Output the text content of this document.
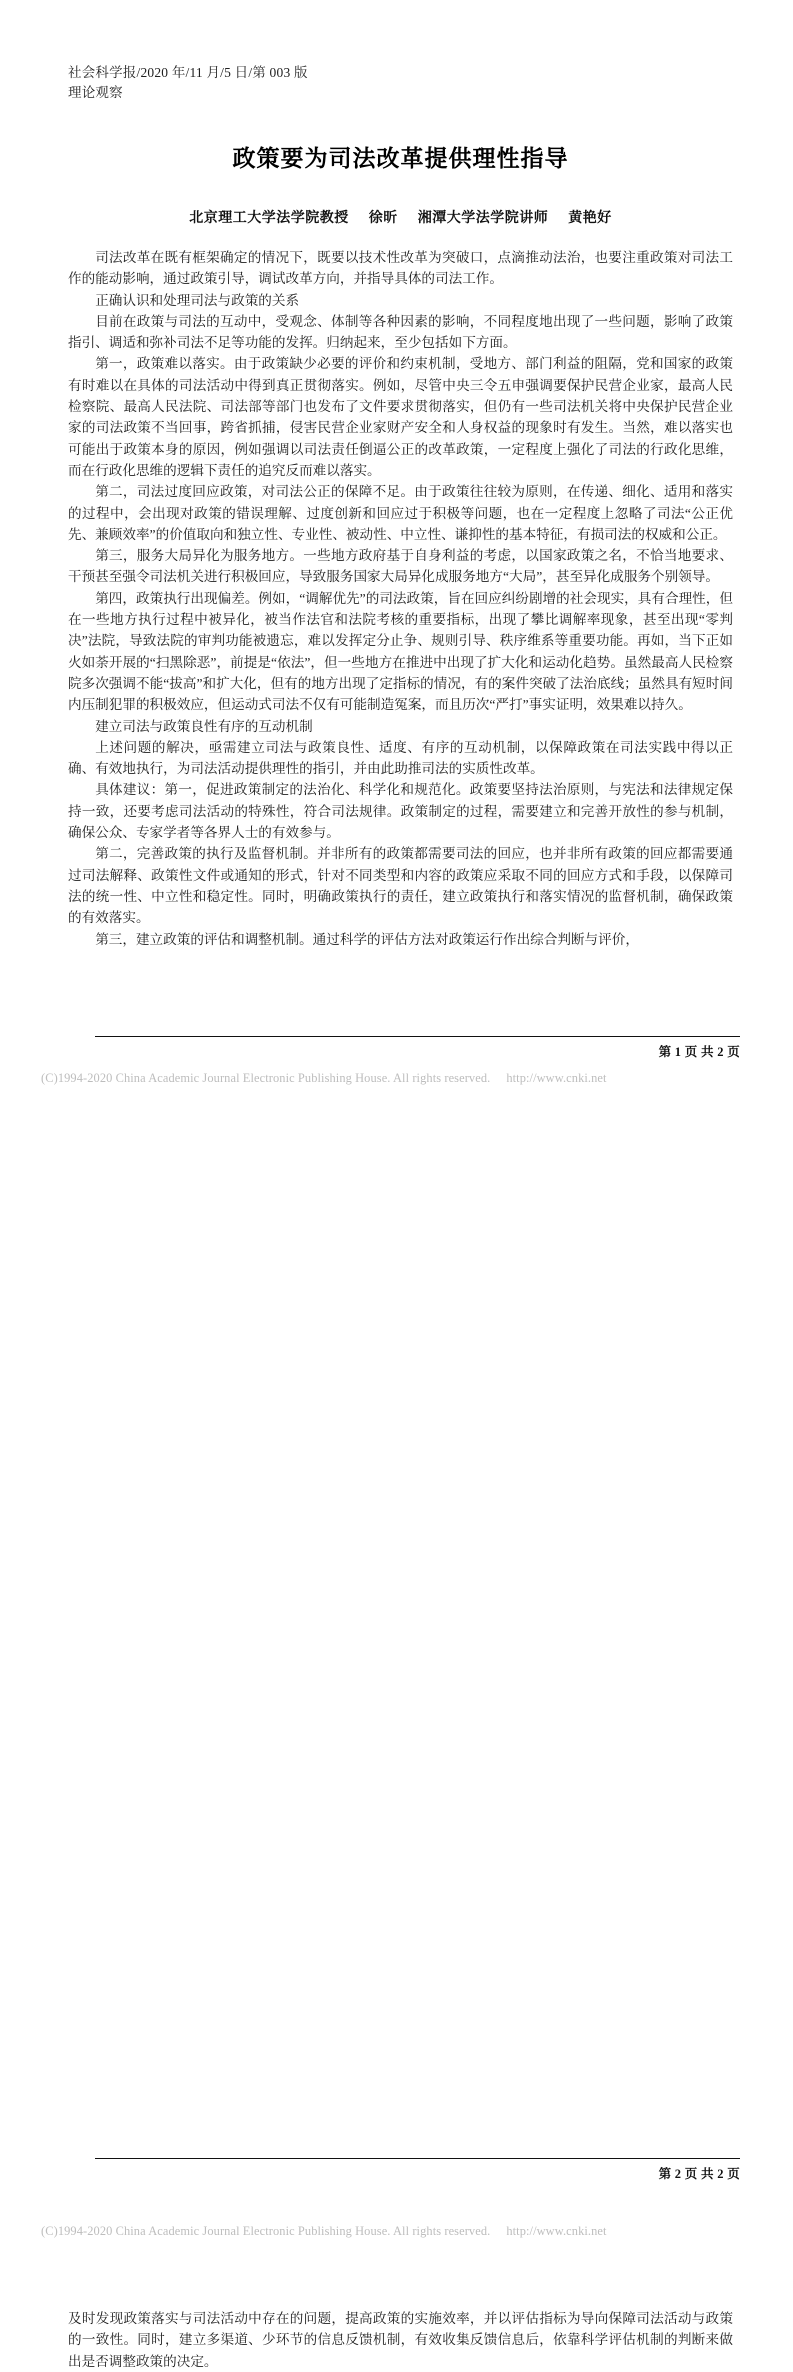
社会科学报/2020 年/11 月/5 日/第 003 版
理论观察
政策要为司法改革提供理性指导
北京理工大学法学院教授 徐昕 湘潭大学法学院讲师 黄艳好

司法改革在既有框架确定的情况下，既要以技术性改革为突破口，点滴推动法治，也要注重政策对司法工作的能动影响，通过政策引导，调试改革方向，并指导具体的司法工作。

正确认识和处理司法与政策的关系

目前在政策与司法的互动中，受观念、体制等各种因素的影响，不同程度地出现了一些问题，影响了政策指引、调适和弥补司法不足等功能的发挥。归纳起来，至少包括如下方面。

第一，政策难以落实。由于政策缺少必要的评价和约束机制，受地方、部门利益的阻隔，党和国家的政策有时难以在具体的司法活动中得到真正贯彻落实。例如，尽管中央三令五申强调要保护民营企业家，最高人民检察院、最高人民法院、司法部等部门也发布了文件要求贯彻落实，但仍有一些司法机关将中央保护民营企业家的司法政策不当回事，跨省抓捕，侵害民营企业家财产安全和人身权益的现象时有发生。当然，难以落实也可能出于政策本身的原因，例如强调以司法责任倒逼公正的改革政策，一定程度上强化了司法的行政化思维，而在行政化思维的逻辑下责任的追究反而难以落实。

第二，司法过度回应政策，对司法公正的保障不足。由于政策往往较为原则，在传递、细化、适用和落实的过程中，会出现对政策的错误理解、过度创新和回应过于积极等问题，也在一定程度上忽略了司法“公正优先、兼顾效率”的价值取向和独立性、专业性、被动性、中立性、谦抑性的基本特征，有损司法的权威和公正。

第三，服务大局异化为服务地方。一些地方政府基于自身利益的考虑，以国家政策之名，不恰当地要求、干预甚至强令司法机关进行积极回应，导致服务国家大局异化成服务地方“大局”，甚至异化成服务个别领导。

第四，政策执行出现偏差。例如，“调解优先”的司法政策，旨在回应纠纷剧增的社会现实，具有合理性，但在一些地方执行过程中被异化，被当作法官和法院考核的重要指标，出现了攀比调解率现象，甚至出现“零判决”法院，导致法院的审判功能被遗忘，难以发挥定分止争、规则引导、秩序维系等重要功能。再如，当下正如火如荼开展的“扫黑除恶”，前提是“依法”，但一些地方在推进中出现了扩大化和运动化趋势。虽然最高人民检察院多次强调不能“拔高”和扩大化，但有的地方出现了定指标的情况，有的案件突破了法治底线；虽然具有短时间内压制犯罪的积极效应，但运动式司法不仅有可能制造冤案，而且历次“严打”事实证明，效果难以持久。

建立司法与政策良性有序的互动机制

上述问题的解决，亟需建立司法与政策良性、适度、有序的互动机制，以保障政策在司法实践中得以正确、有效地执行，为司法活动提供理性的指引，并由此助推司法的实质性改革。

具体建议：第一，促进政策制定的法治化、科学化和规范化。政策要坚持法治原则，与宪法和法律规定保持一致，还要考虑司法活动的特殊性，符合司法规律。政策制定的过程，需要建立和完善开放性的参与机制，确保公众、专家学者等各界人士的有效参与。

第二，完善政策的执行及监督机制。并非所有的政策都需要司法的回应，也并非所有政策的回应都需要通过司法解释、政策性文件或通知的形式，针对不同类型和内容的政策应采取不同的回应方式和手段，以保障司法的统一性、中立性和稳定性。同时，明确政策执行的责任，建立政策执行和落实情况的监督机制，确保政策的有效落实。

第三，建立政策的评估和调整机制。通过科学的评估方法对政策运行作出综合判断与评价，

第 1 页 共 2 页
(C)1994-2020 China Academic Journal Electronic Publishing House. All rights reserved. http://www.cnki.net

及时发现政策落实与司法活动中存在的问题，提高政策的实施效率，并以评估指标为导向保障司法活动与政策的一致性。同时，建立多渠道、少环节的信息反馈机制，有效收集反馈信息后，依靠科学评估机制的判断来做出是否调整政策的决定。

第 2 页 共 2 页
(C)1994-2020 China Academic Journal Electronic Publishing House. All rights reserved. http://www.cnki.net
